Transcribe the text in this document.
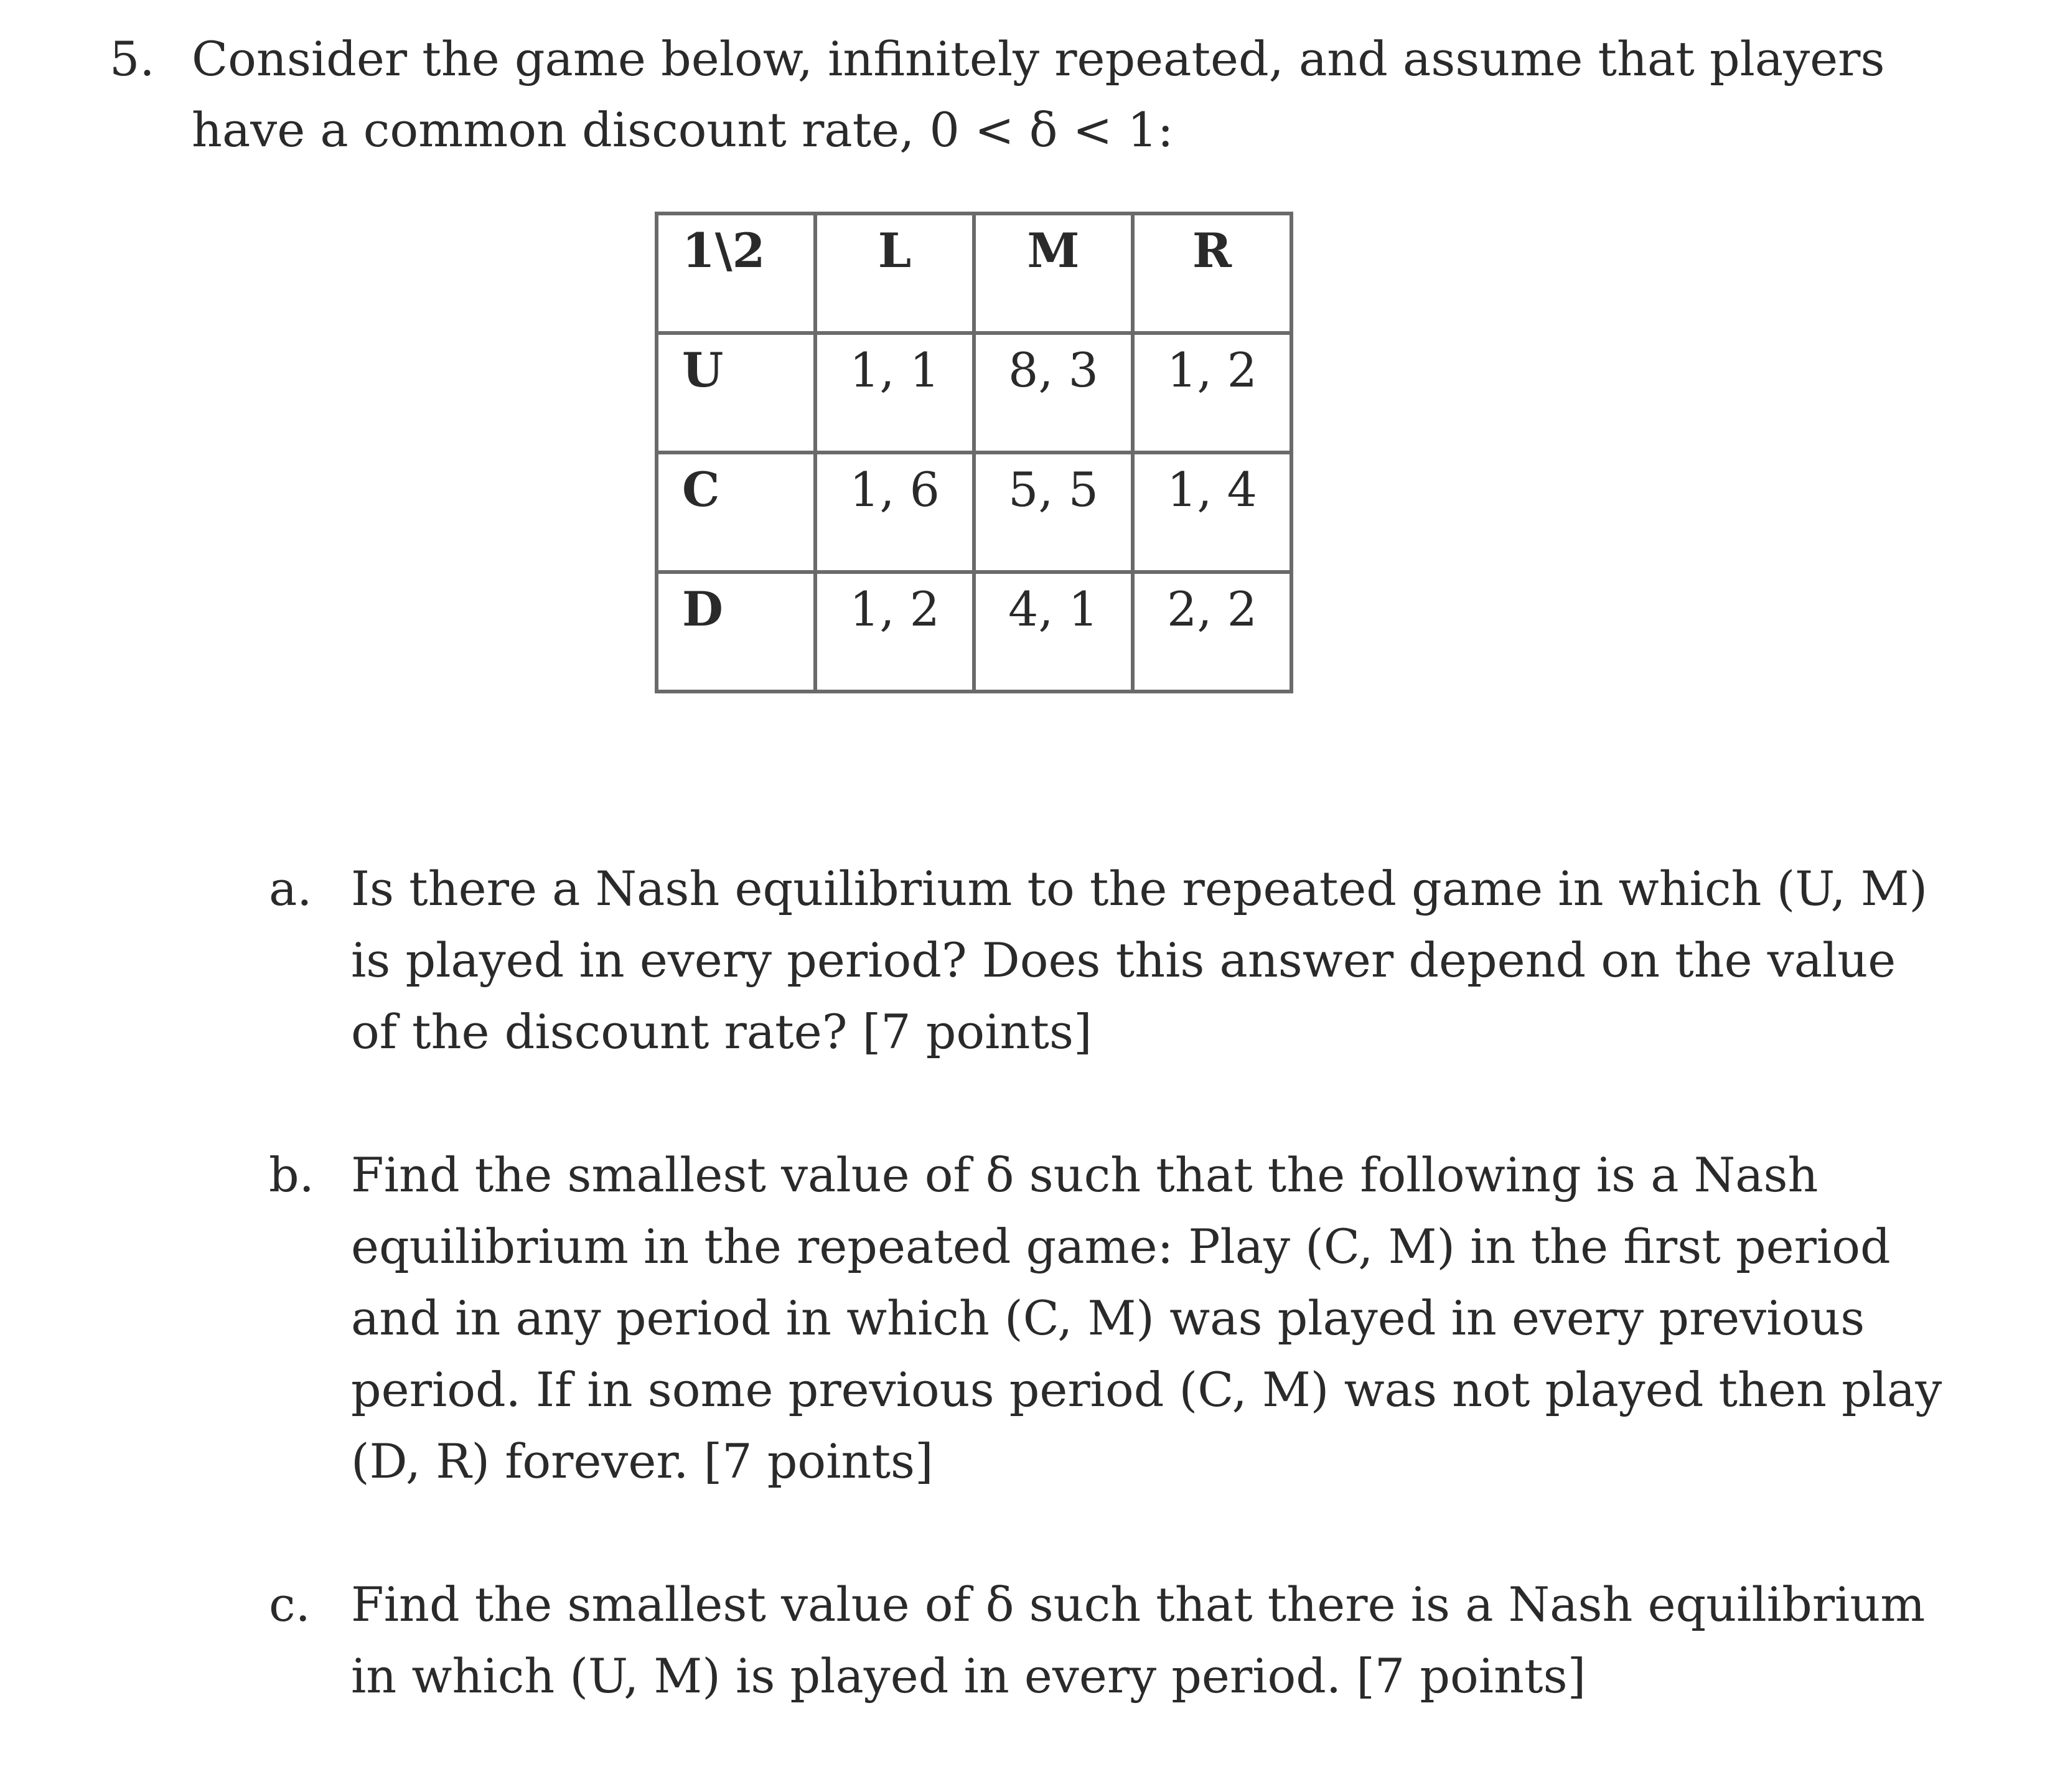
5. Consider the game below, infinitely repeated, and assume that players have a common discount rate, 0 < δ < 1:
1\2	L	M	R
U	1, 1	8, 3	1, 2
C	1, 6	5, 5	1, 4
D	1, 2	4, 1	2, 2
a. Is there a Nash equilibrium to the repeated game in which (U, M) is played in every period? Does this answer depend on the value of the discount rate? [7 points]
b. Find the smallest value of δ such that the following is a Nash equilibrium in the repeated game: Play (C, M) in the first period and in any period in which (C, M) was played in every previous period. If in some previous period (C, M) was not played then play (D, R) forever. [7 points]
c. Find the smallest value of δ such that there is a Nash equilibrium in which (U, M) is played in every period. [7 points]
